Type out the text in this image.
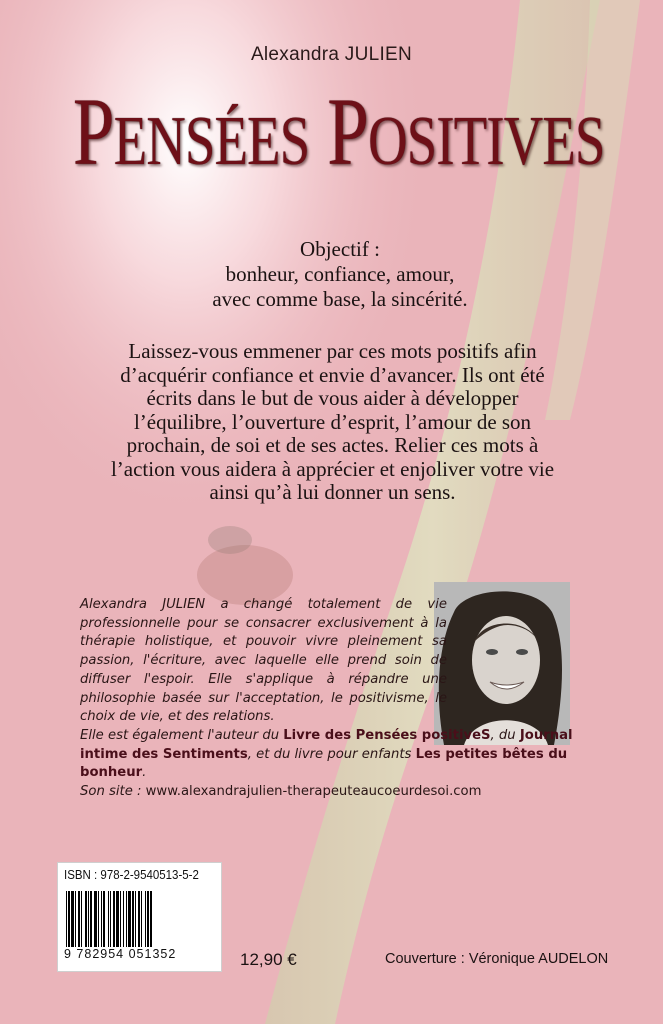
Alexandra JULIEN
PENSÉES POSITIVES
Objectif :
bonheur, confiance, amour,
avec comme base, la sincérité.
Laissez-vous emmener par ces mots positifs afin d’acquérir confiance et envie d’avancer. Ils ont été écrits dans le but de vous aider à développer l’équilibre, l’ouverture d’esprit, l’amour de son prochain, de soi et de ses actes. Relier ces mots à l’action vous aidera à apprécier et enjoliver votre vie ainsi qu’à lui donner un sens.

Alexandra JULIEN a changé totalement de vie professionnelle pour se consacrer exclusivement à la thérapie holistique, et pouvoir vivre pleinement sa passion, l'écriture, avec laquelle elle prend soin de diffuser l'espoir. Elle s'applique à répandre une philosophie basée sur l'acceptation, le positivisme, le choix de vie, et des relations.

Elle est également l'auteur du Livre des Pensées positiveS, du Journal intime des Sentiments, et du livre pour enfants Les petites bêtes du bonheur.

Son site : www.alexandrajulien-therapeuteaucoeurdesoi.com

ISBN : 978-2-9540513-5-2
9 782954 051352	12,90 €	Couverture : Véronique AUDELON
